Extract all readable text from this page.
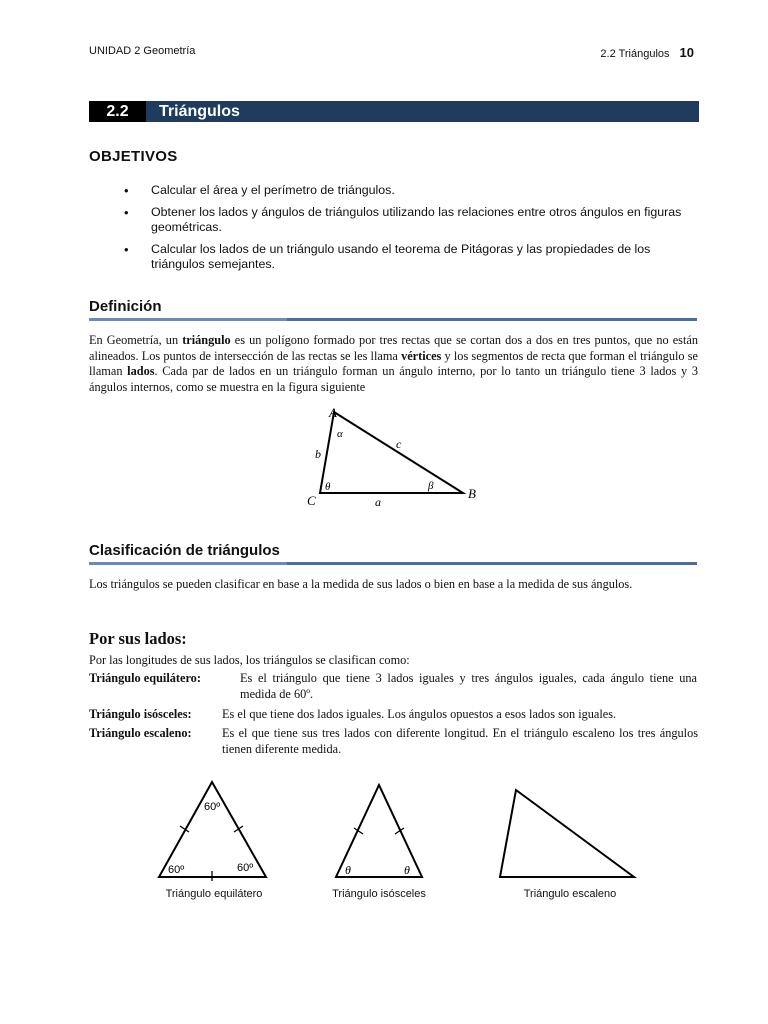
UNIDAD 2 Geometría	2.2 Triángulos 10
2.2	Triángulos
OBJETIVOS
• Calcular el área y el perímetro de triángulos.
• Obtener los lados y ángulos de triángulos utilizando las relaciones entre otros ángulos en figuras geométricas.
• Calcular los lados de un triángulo usando el teorema de Pitágoras y las propiedades de los triángulos semejantes.
Definición
En Geometría, un triángulo es un polígono formado por tres rectas que se cortan dos a dos en tres puntos, que no están alineados. Los puntos de intersección de las rectas se les llama vértices y los segmentos de recta que forman el triángulo se llaman lados. Cada par de lados en un triángulo forman un ángulo interno, por lo tanto un triángulo tiene 3 lados y 3 ángulos internos, como se muestra en la figura siguiente
A
B
C	a
b
c
α
β
θ
Clasificación de triángulos
Los triángulos se pueden clasificar en base a la medida de sus lados o bien en base a la medida de sus ángulos.
Por sus lados:
Por las longitudes de sus lados, los triángulos se clasifican como:
Triángulo equilátero:	Es el triángulo que tiene 3 lados iguales y tres ángulos iguales, cada ángulo tiene una medida de 60º.
Triángulo isósceles: Es el que tiene dos lados iguales. Los ángulos opuestos a esos lados son iguales.
Triángulo escaleno: Es el que tiene sus tres lados con diferente longitud. En el triángulo escaleno los tres ángulos tienen diferente medida.
60º
60º	60º
Triángulo equilátero
θ	θ
Triángulo isósceles	Triángulo escaleno
